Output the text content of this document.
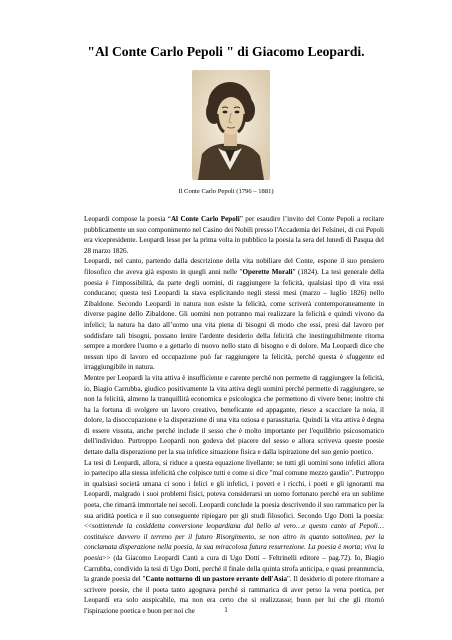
"Al Conte Carlo Pepoli " di Giacomo Leopardi.
Il Conte Carlo Pepoli (1796 – 1881)

Leopardi compose la poesia “Al Conte Carlo Pepoli” per esaudire l’invito del Conte Pepoli a recitare pubblicamente un suo componimento nel Casino dei Nobili presso l'Accademia dei Felsinei, di cui Pepoli era vicepresidente. Leopardi lesse per la prima volta in pubblico la poesia la sera del lunedì di Pasqua del 28 marzo 1826.

Leopardi, nel canto, partendo dalla descrizione della vita nobiliare del Conte, espone il suo pensiero filosofico che aveva già esposto in quegli anni nelle "Operette Morali" (1824). La tesi generale della poesia è l'impossibilità, da parte degli uomini, di raggiungere la felicità, qualsiasi tipo di vita essi conducano; questa tesi Leopardi la stava esplicitando negli stessi mesi (marzo – luglio 1826) nello Zibaldone. Secondo Leopardi in natura non esiste la felicità, come scriverà contemporaneamente in diverse pagine dello Zibaldone. Gli uomini non potranno mai realizzare la felicità e quindi vivono da infelici; la natura ha dato all’uomo una vita piena di bisogni di modo che essi, presi dal lavoro per soddisfare tali bisogni, possano lenire l'ardente desiderio della felicità che inestinguibilmente ritorna sempre a mordere l'uomo e a gettarlo di nuovo nello stato di bisogno e di dolore. Ma Leopardi dice che nessun tipo di lavoro ed occupazione può far raggiungere la felicità, perché questa è sfuggente ed irraggiungibile in natura.

Mentre per Leopardi la vita attiva è insufficiente e carente perché non permette di raggiungere la felicità, io, Biagio Carrubba, giudico positivamente la vita attiva degli uomini perché permette di raggiungere, se non la felicità, almeno la tranquillità economica e psicologica che permettono di vivere bene; inoltre chi ha la fortuna di svolgere un lavoro creativo, beneficante ed appagante, riesce a scacciare la noia, il dolore, la disoccupazione e la disperazione di una vita oziosa e parassitaria. Quindi la vita attiva è degna di essere vissuta, anche perché include il sesso che è molto importante per l'equilibrio psicosomatico dell'individuo. Purtroppo Leopardi non godeva del piacere del sesso e allora scriveva queste poesie dettate dalla disperazione per la sua infelice situazione fisica e dalla ispirazione del suo genio poetico.

La tesi di Leopardi, allora, si riduce a questa equazione livellante: se tutti gli uomini sono infelici allora io partecipo alla stessa infelicità che colpisce tutti e come si dice "mal comune mezzo gaudio". Purtroppo in qualsiasi società umana ci sono i felici e gli infelici, i poveri e i ricchi, i poeti e gli ignoranti ma Leopardi, malgrado i suoi problemi fisici, poteva considerarsi un uomo fortunato perché era un sublime poeta, che rimarrà immortale nei secoli. Leopardi conclude la poesia descrivendo il suo rammarico per la sua aridità poetica e il suo conseguente ripiegare per gli studi filosofici. Secondo Ugo Dotti la poesia: <<sottintende la cosiddetta conversione leopardiana dal bello al vero…e questo canto al Pepoli… costituisce davvero il terreno per il futuro Risorgimento, se non altro in quanto sottolinea, per la conclamata disperazione nella poesia, la sua miracolosa futura resurrezione. La poesia è morta; viva la poesia>> (da Giacomo Leopardi Canti a cura di Ugo Dotti – Feltrinelli editore – pag.72). Io, Biagio Carrubba, condivido la tesi di Ugo Dotti, perché il finale della quinta strofa anticipa, e quasi preannuncia, la grande poesia del "Canto notturno di un pastore errante dell'Asia". Il desiderio di potere ritornare a scrivere poesie, che il poeta tanto agognava perché si rammarica di aver perso la vena poetica, per Leopardi era solo auspicabile, ma non era certo che si realizzasse; buon per lui che gli ritornò l'ispirazione poetica e buon per noi che	1
